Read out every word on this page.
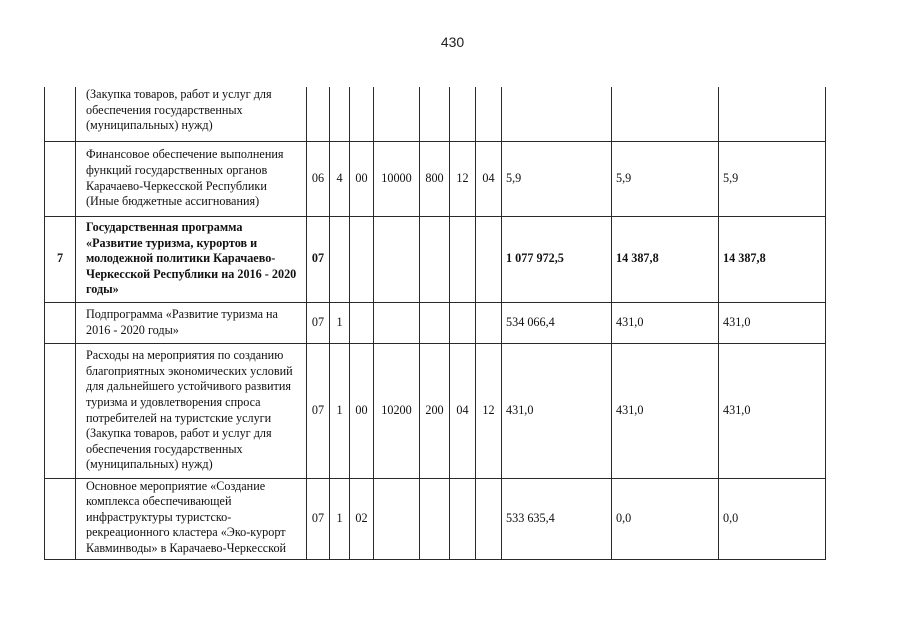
430
	(Закупка товаров, работ и услуг для обеспечения государственных (муниципальных) нужд)										
	Финансовое обеспечение выполнения функций государственных органов Карачаево-Черкесской Республики (Иные бюджетные ассигнования)	06	4	00	10000	800	12	04	5,9	5,9	5,9
7	Государственная программа «Развитие туризма, курортов и молодежной политики Карачаево-Черкесской Республики на 2016 - 2020 годы»	07							1 077 972,5	14 387,8	14 387,8
	Подпрограмма «Развитие туризма на 2016 - 2020 годы»	07	1						534 066,4	431,0	431,0
	Расходы на мероприятия по созданию благоприятных экономических условий для дальнейшего устойчивого развития туризма и удовлетворения спроса потребителей на туристские услуги (Закупка товаров, работ и услуг для обеспечения государственных (муниципальных) нужд)	07	1	00	10200	200	04	12	431,0	431,0	431,0
	Основное мероприятие «Создание комплекса обеспечивающей инфраструктуры туристско-рекреационного кластера «Эко-курорт Кавминводы» в Карачаево-Черкесской	07	1	02					533 635,4	0,0	0,0
